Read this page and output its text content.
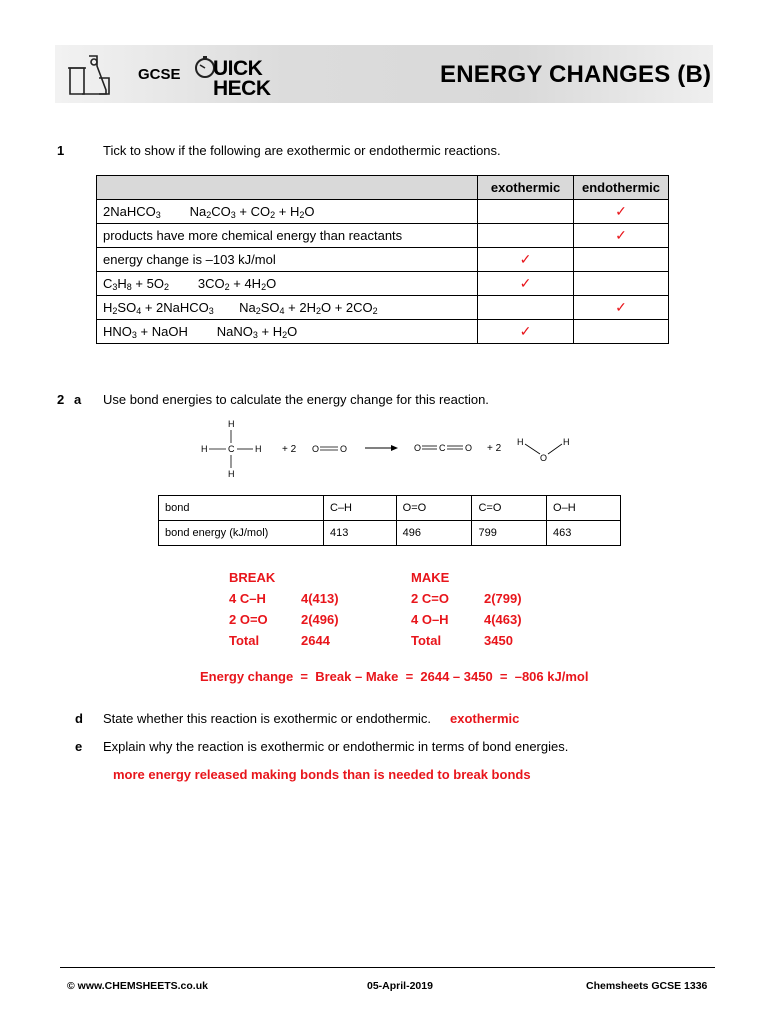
GCSE UICK
HECK
ENERGY CHANGES (B)
1	Tick to show if the following are exothermic or endothermic reactions.
	exothermic	endothermic
2NaHCO$_3$        $Na_2CO_3 + CO_2 + H_2O$		✓
products have more chemical energy than reactants		✓
energy change is –103 kJ/mol	✓	
$C_3H_8 + 5O_2$        $3CO_2 + 4H_2O$	✓	
$H_2SO_4$ + 2NaHCO$_3$       $Na_2SO_4 + 2H_2O + 2CO_2$		✓
$HNO_3$ + NaOH        NaNO$_3$ + $H_2O$	✓	
2 a Use bond energies to calculate the energy change for this reaction.
H
C
H	H
H
+ 2 O O	O C O + 2
H
O
H
bond	C–H	O=O	C=O	O–H
bond energy (kJ/mol)	413	496	799	463
BREAK
4 C–H	4(413)
2 O=O	2(496)
Total	2644
MAKE
2 C=O	2(799)
4 O–H	4(463)
Total	3450
Energy change  =  Break – Make  =  2644 – 3450  =  –806 kJ/mol
d State whether this reaction is exothermic or endothermic. exothermic
e Explain why the reaction is exothermic or endothermic in terms of bond energies.
more energy released making bonds than is needed to break bonds
© www.CHEMSHEETS.co.uk	05-April-2019	Chemsheets GCSE 1336
